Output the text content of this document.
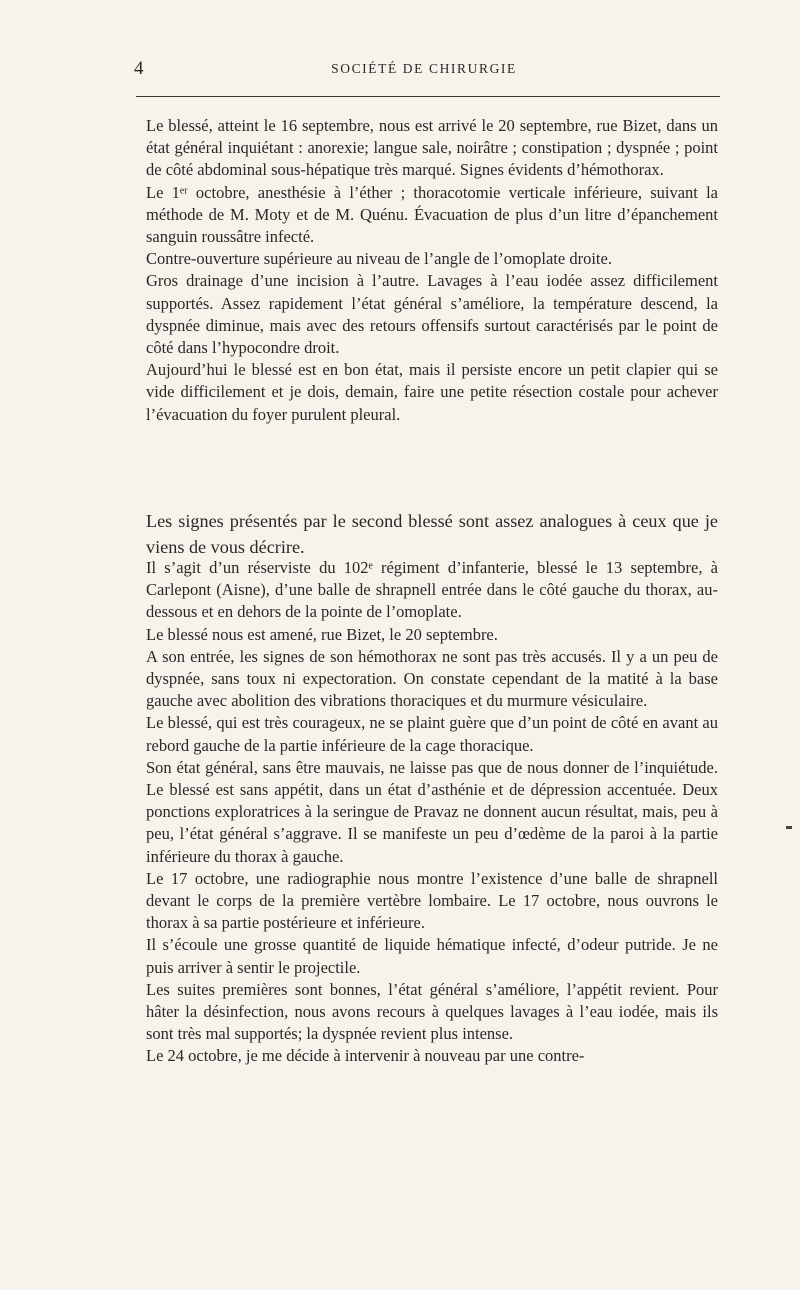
4	SOCIÉTÉ DE CHIRURGIE

Le blessé, atteint le 16 septembre, nous est arrivé le 20 septembre, rue Bizet, dans un état général inquiétant : anorexie; langue sale, noirâtre ; constipation ; dyspnée ; point de côté abdominal sous-hépatique très marqué. Signes évidents d’hémothorax.

Le 1ᵉʳ octobre, anesthésie à l’éther ; thoracotomie verticale inférieure, suivant la méthode de M. Moty et de M. Quénu. Évacuation de plus d’un litre d’épanchement sanguin roussâtre infecté.

Contre-ouverture supérieure au niveau de l’angle de l’omoplate droite.

Gros drainage d’une incision à l’autre. Lavages à l’eau iodée assez difficilement supportés. Assez rapidement l’état général s’améliore, la température descend, la dyspnée diminue, mais avec des retours offensifs surtout caractérisés par le point de côté dans l’hypocondre droit.

Aujourd’hui le blessé est en bon état, mais il persiste encore un petit clapier qui se vide difficilement et je dois, demain, faire une petite résection costale pour achever l’évacuation du foyer purulent pleural.

Les signes présentés par le second blessé sont assez analogues à ceux que je viens de vous décrire.

Il s’agit d’un réserviste du 102ᵉ régiment d’infanterie, blessé le 13 septembre, à Carlepont (Aisne), d’une balle de shrapnell entrée dans le côté gauche du thorax, au-dessous et en dehors de la pointe de l’omoplate.

Le blessé nous est amené, rue Bizet, le 20 septembre.

A son entrée, les signes de son hémothorax ne sont pas très accusés. Il y a un peu de dyspnée, sans toux ni expectoration. On constate cependant de la matité à la base gauche avec abolition des vibrations thoraciques et du murmure vésiculaire.

Le blessé, qui est très courageux, ne se plaint guère que d’un point de côté en avant au rebord gauche de la partie inférieure de la cage thoracique.

Son état général, sans être mauvais, ne laisse pas que de nous donner de l’inquiétude. Le blessé est sans appétit, dans un état d’asthénie et de dépression accentuée. Deux ponctions exploratrices à la seringue de Pravaz ne donnent aucun résultat, mais, peu à peu, l’état général s’aggrave. Il se manifeste un peu d’œdème de la paroi à la partie inférieure du thorax à gauche.

Le 17 octobre, une radiographie nous montre l’existence d’une balle de shrapnell devant le corps de la première vertèbre lombaire. Le 17 octobre, nous ouvrons le thorax à sa partie postérieure et inférieure.

Il s’écoule une grosse quantité de liquide hématique infecté, d’odeur putride. Je ne puis arriver à sentir le projectile.

Les suites premières sont bonnes, l’état général s’améliore, l’appétit revient. Pour hâter la désinfection, nous avons recours à quelques lavages à l’eau iodée, mais ils sont très mal supportés; la dyspnée revient plus intense.

Le 24 octobre, je me décide à intervenir à nouveau par une contre-
